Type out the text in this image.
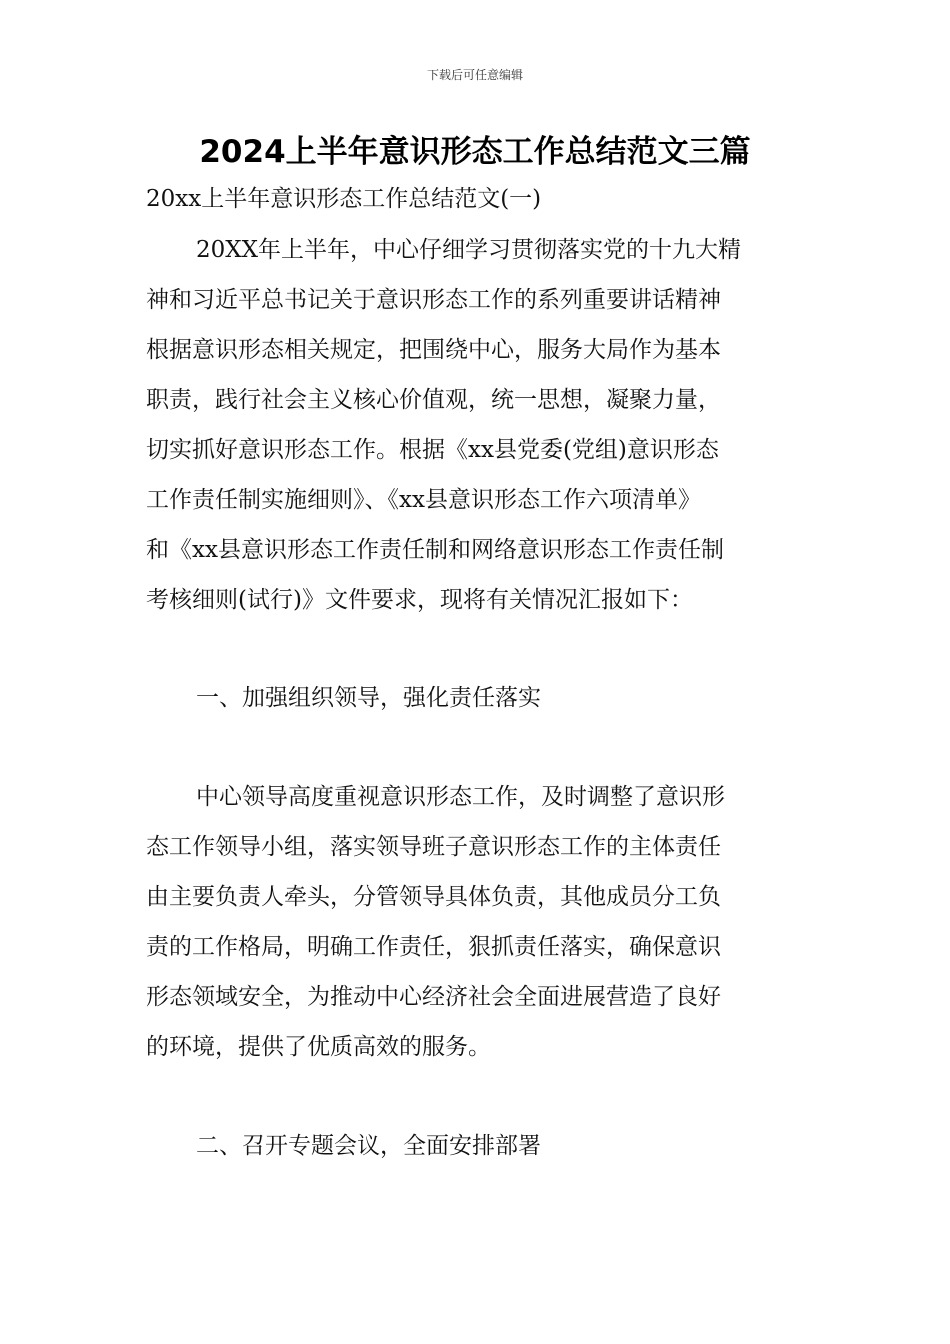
下载后可任意编辑
2024上半年意识形态工作总结范文三篇
20xx上半年意识形态工作总结范文(一)
20XX年上半年，中心仔细学习贯彻落实党的十九大精
神和习近平总书记关于意识形态工作的系列重要讲话精神
根据意识形态相关规定，把围绕中心，服务大局作为基本
职责，践行社会主义核心价值观，统一思想，凝聚力量，
切实抓好意识形态工作。根据《xx县党委(党组)意识形态
工作责任制实施细则》、《xx县意识形态工作六项清单》
和《xx县意识形态工作责任制和网络意识形态工作责任制
考核细则(试行)》文件要求，现将有关情况汇报如下：
一、加强组织领导，强化责任落实
中心领导高度重视意识形态工作，及时调整了意识形
态工作领导小组，落实领导班子意识形态工作的主体责任
由主要负责人牵头，分管领导具体负责，其他成员分工负
责的工作格局，明确工作责任，狠抓责任落实，确保意识
形态领域安全，为推动中心经济社会全面进展营造了良好
的环境，提供了优质高效的服务。
二、召开专题会议，全面安排部署
